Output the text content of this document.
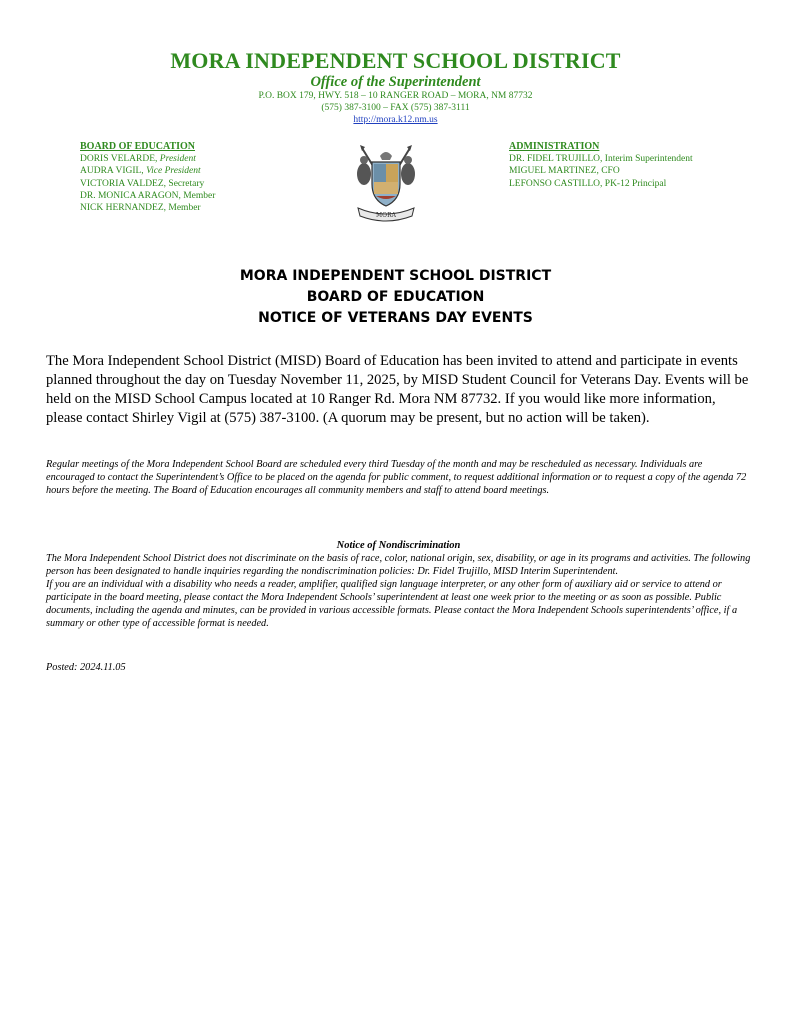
MORA INDEPENDENT SCHOOL DISTRICT
Office of the Superintendent
P.O. BOX 179, HWY. 518 – 10 RANGER ROAD – MORA, NM 87732
(575) 387-3100 – FAX (575) 387-3111
http://mora.k12.nm.us
BOARD OF EDUCATION
DORIS VELARDE, President
AUDRA VIGIL, Vice President
VICTORIA VALDEZ, Secretary
DR. MONICA ARAGON, Member
NICK HERNANDEZ, Member
MORA
ADMINISTRATION
DR. FIDEL TRUJILLO, Interim Superintendent
MIGUEL MARTINEZ, CFO
LEFONSO CASTILLO, PK-12 Principal
MORA INDEPENDENT SCHOOL DISTRICT
BOARD OF EDUCATION
NOTICE OF VETERANS DAY EVENTS
The Mora Independent School District (MISD) Board of Education has been invited to attend and participate in events planned throughout the day on Tuesday November 11, 2025, by MISD Student Council for Veterans Day. Events will be held on the MISD School Campus located at 10 Ranger Rd. Mora NM 87732. If you would like more information, please contact Shirley Vigil at (575) 387-3100. (A quorum may be present, but no action will be taken).
Regular meetings of the Mora Independent School Board are scheduled every third Tuesday of the month and may be rescheduled as necessary. Individuals are encouraged to contact the Superintendent’s Office to be placed on the agenda for public comment, to request additional information or to request a copy of the agenda 72 hours before the meeting. The Board of Education encourages all community members and staff to attend board meetings.
Notice of Nondiscrimination
The Mora Independent School District does not discriminate on the basis of race, color, national origin, sex, disability, or age in its programs and activities. The following person has been designated to handle inquiries regarding the nondiscrimination policies: Dr. Fidel Trujillo, MISD Interim Superintendent.
If you are an individual with a disability who needs a reader, amplifier, qualified sign language interpreter, or any other form of auxiliary aid or service to attend or participate in the board meeting, please contact the Mora Independent Schools’ superintendent at least one week prior to the meeting or as soon as possible. Public documents, including the agenda and minutes, can be provided in various accessible formats. Please contact the Mora Independent Schools superintendents’ office, if a summary or other type of accessible format is needed.
Posted: 2024.11.05
